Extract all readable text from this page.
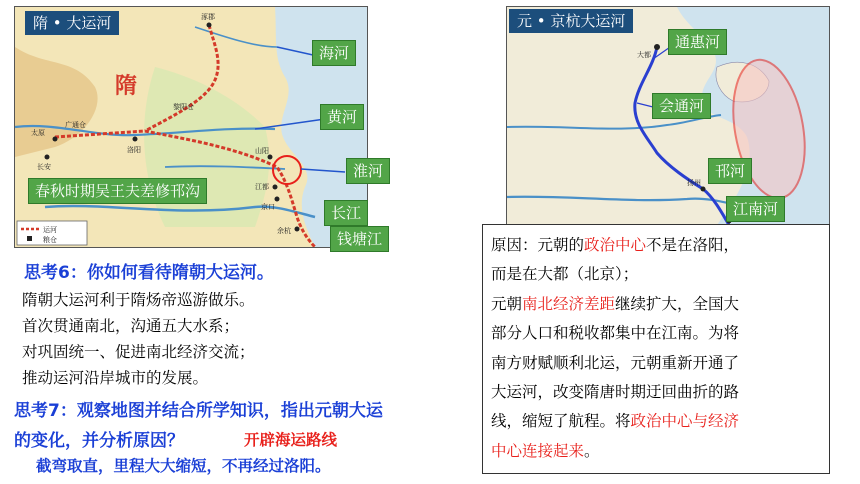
涿郡
太原
长安
广通仓
洛阳
黎阳仓
山阳
江都
京口
余杭
隋
运河
粮仓
隋 • 大运河
海河
黄河
淮河
春秋时期吴王夫差修邗沟
长江
钱塘江
大都
扬州
元 • 京杭大运河
通惠河
会通河
邗河
江南河
思考6：你如何看待隋朝大运河。
隋朝大运河利于隋炀帝巡游做乐。
首次贯通南北，沟通五大水系；
对巩固统一、促进南北经济交流；
推动运河沿岸城市的发展。
思考7：观察地图并结合所学知识，指出元朝大运
的变化，并分析原因？	开辟海运路线
截弯取直，里程大大缩短，不再经过洛阳。
原因：元朝的政治中心不是在洛阳，
而是在大都（北京）；
元朝南北经济差距继续扩大，全国大
部分人口和税收都集中在江南。为将
南方财赋顺利北运，元朝重新开通了
大运河，改变隋唐时期迂回曲折的路
线，缩短了航程。将政治中心与经济
中心连接起来。
